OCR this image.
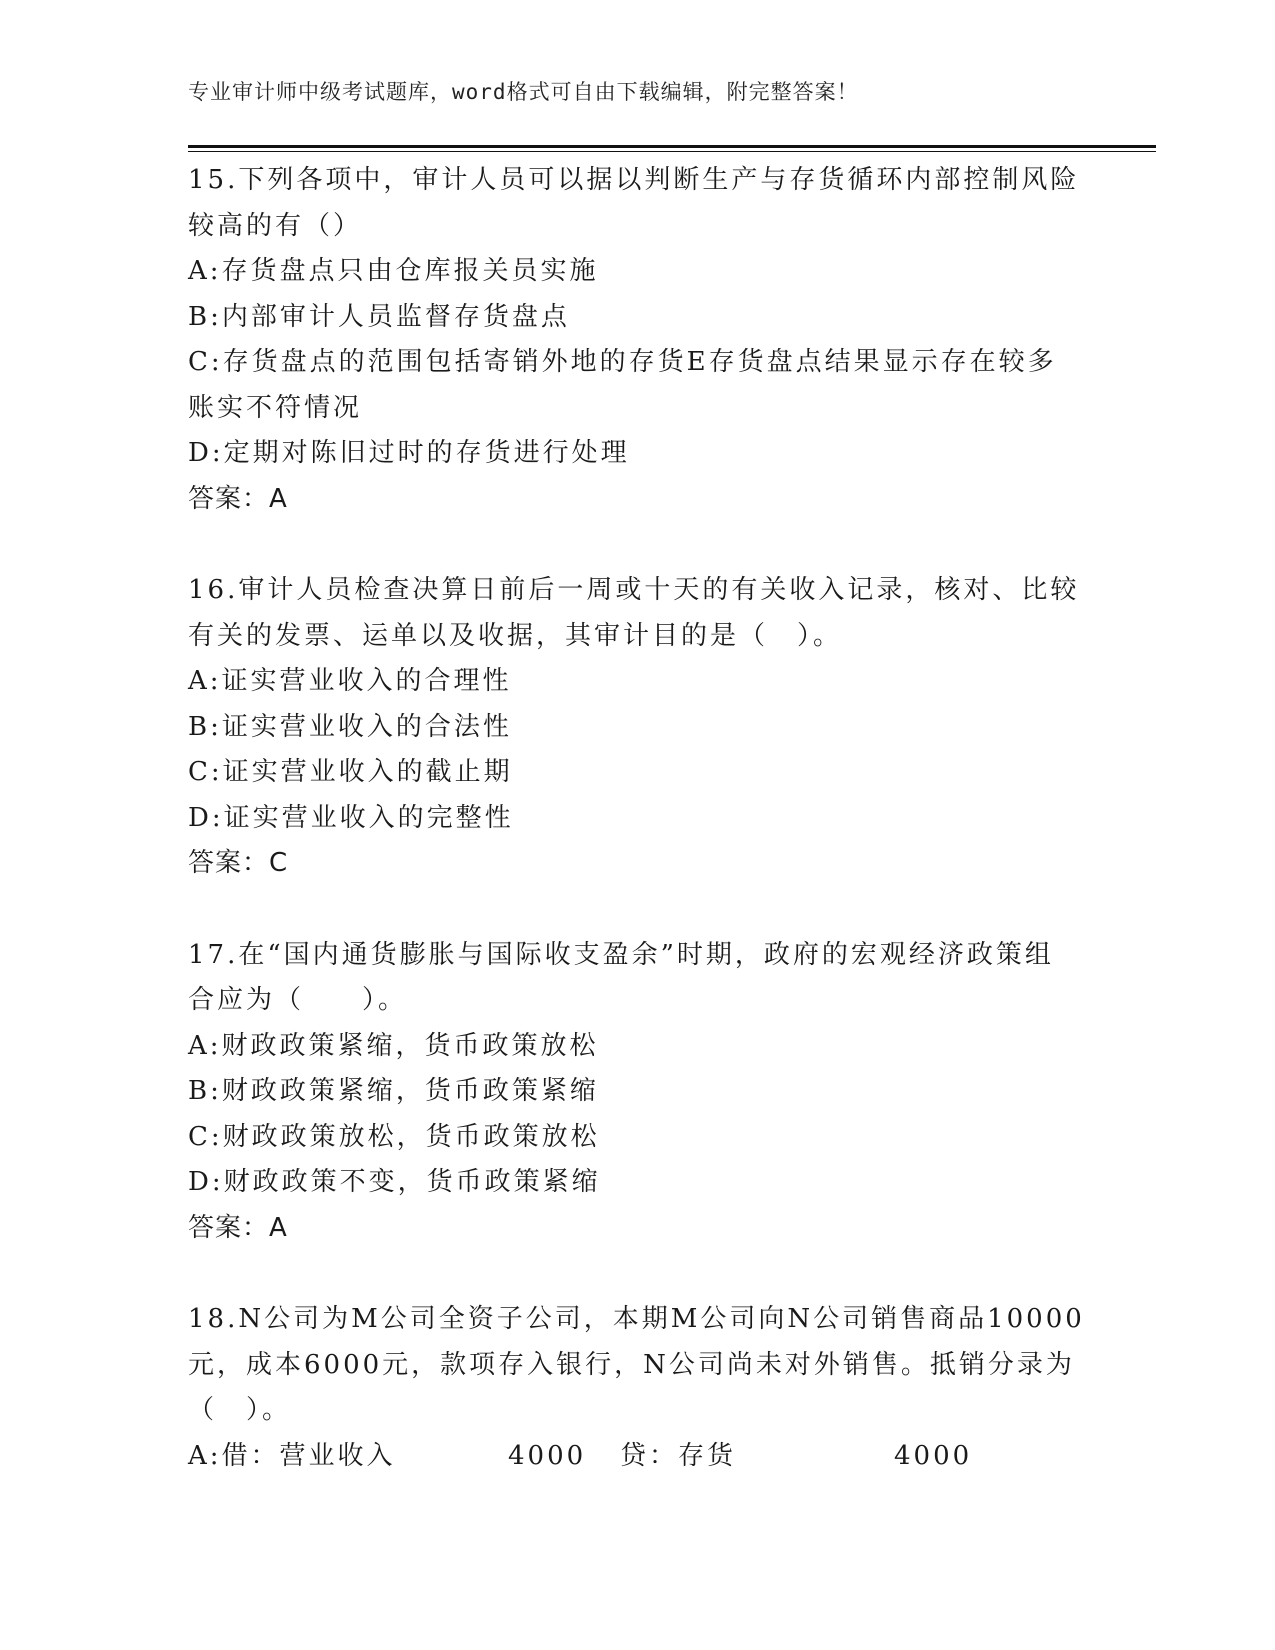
专业审计师中级考试题库，word格式可自由下载编辑，附完整答案！
15.下列各项中，审计人员可以据以判断生产与存货循环内部控制风险
较高的有（）
A:存货盘点只由仓库报关员实施
B:内部审计人员监督存货盘点
C:存货盘点的范围包括寄销外地的存货E存货盘点结果显示存在较多
账实不符情况
D:定期对陈旧过时的存货进行处理
答案：A
16.审计人员检查决算日前后一周或十天的有关收入记录，核对、比较
有关的发票、运单以及收据，其审计目的是（　）。
A:证实营业收入的合理性
B:证实营业收入的合法性
C:证实营业收入的截止期
D:证实营业收入的完整性
答案：C
17.在“国内通货膨胀与国际收支盈余”时期，政府的宏观经济政策组
合应为（　　）。
A:财政政策紧缩，货币政策放松
B:财政政策紧缩，货币政策紧缩
C:财政政策放松，货币政策放松
D:财政政策不变，货币政策紧缩
答案：A
18.N公司为M公司全资子公司，本期M公司向N公司销售商品10000
元，成本6000元，款项存入银行，N公司尚未对外销售。抵销分录为
（　）。
A:借：营业收入	4000 贷：存货	4000
